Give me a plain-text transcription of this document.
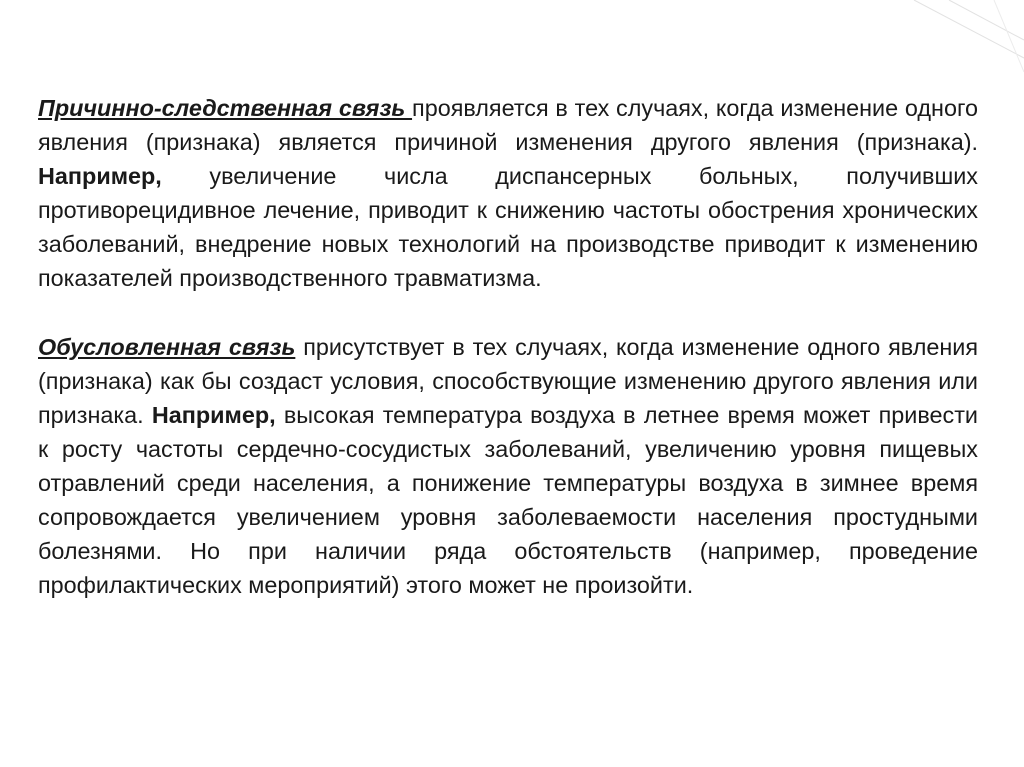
Причинно-следственная связь проявляется в тех случаях, когда изменение одного явления (признака) является причиной изменения другого явления (признака). Например, увеличение числа диспансерных больных, получивших противорецидивное лечение, приводит к снижению частоты обострения хронических заболеваний, внедрение новых технологий на производстве приводит к изменению показателей производственного травматизма.

Обусловленная связь присутствует в тех случаях, когда изменение одного явления (признака) как бы создаст условия, способствующие изменению другого явления или признака. Например, высокая температура воздуха в летнее время может привести к росту частоты сердечно-сосудистых заболеваний, увеличению уровня пищевых отравлений среди населения, а понижение температуры воздуха в зимнее время сопровождается увеличением уровня заболеваемости населения простудными болезнями. Но при наличии ряда обстоятельств (например, проведение профилактических мероприятий) этого может не произойти.
